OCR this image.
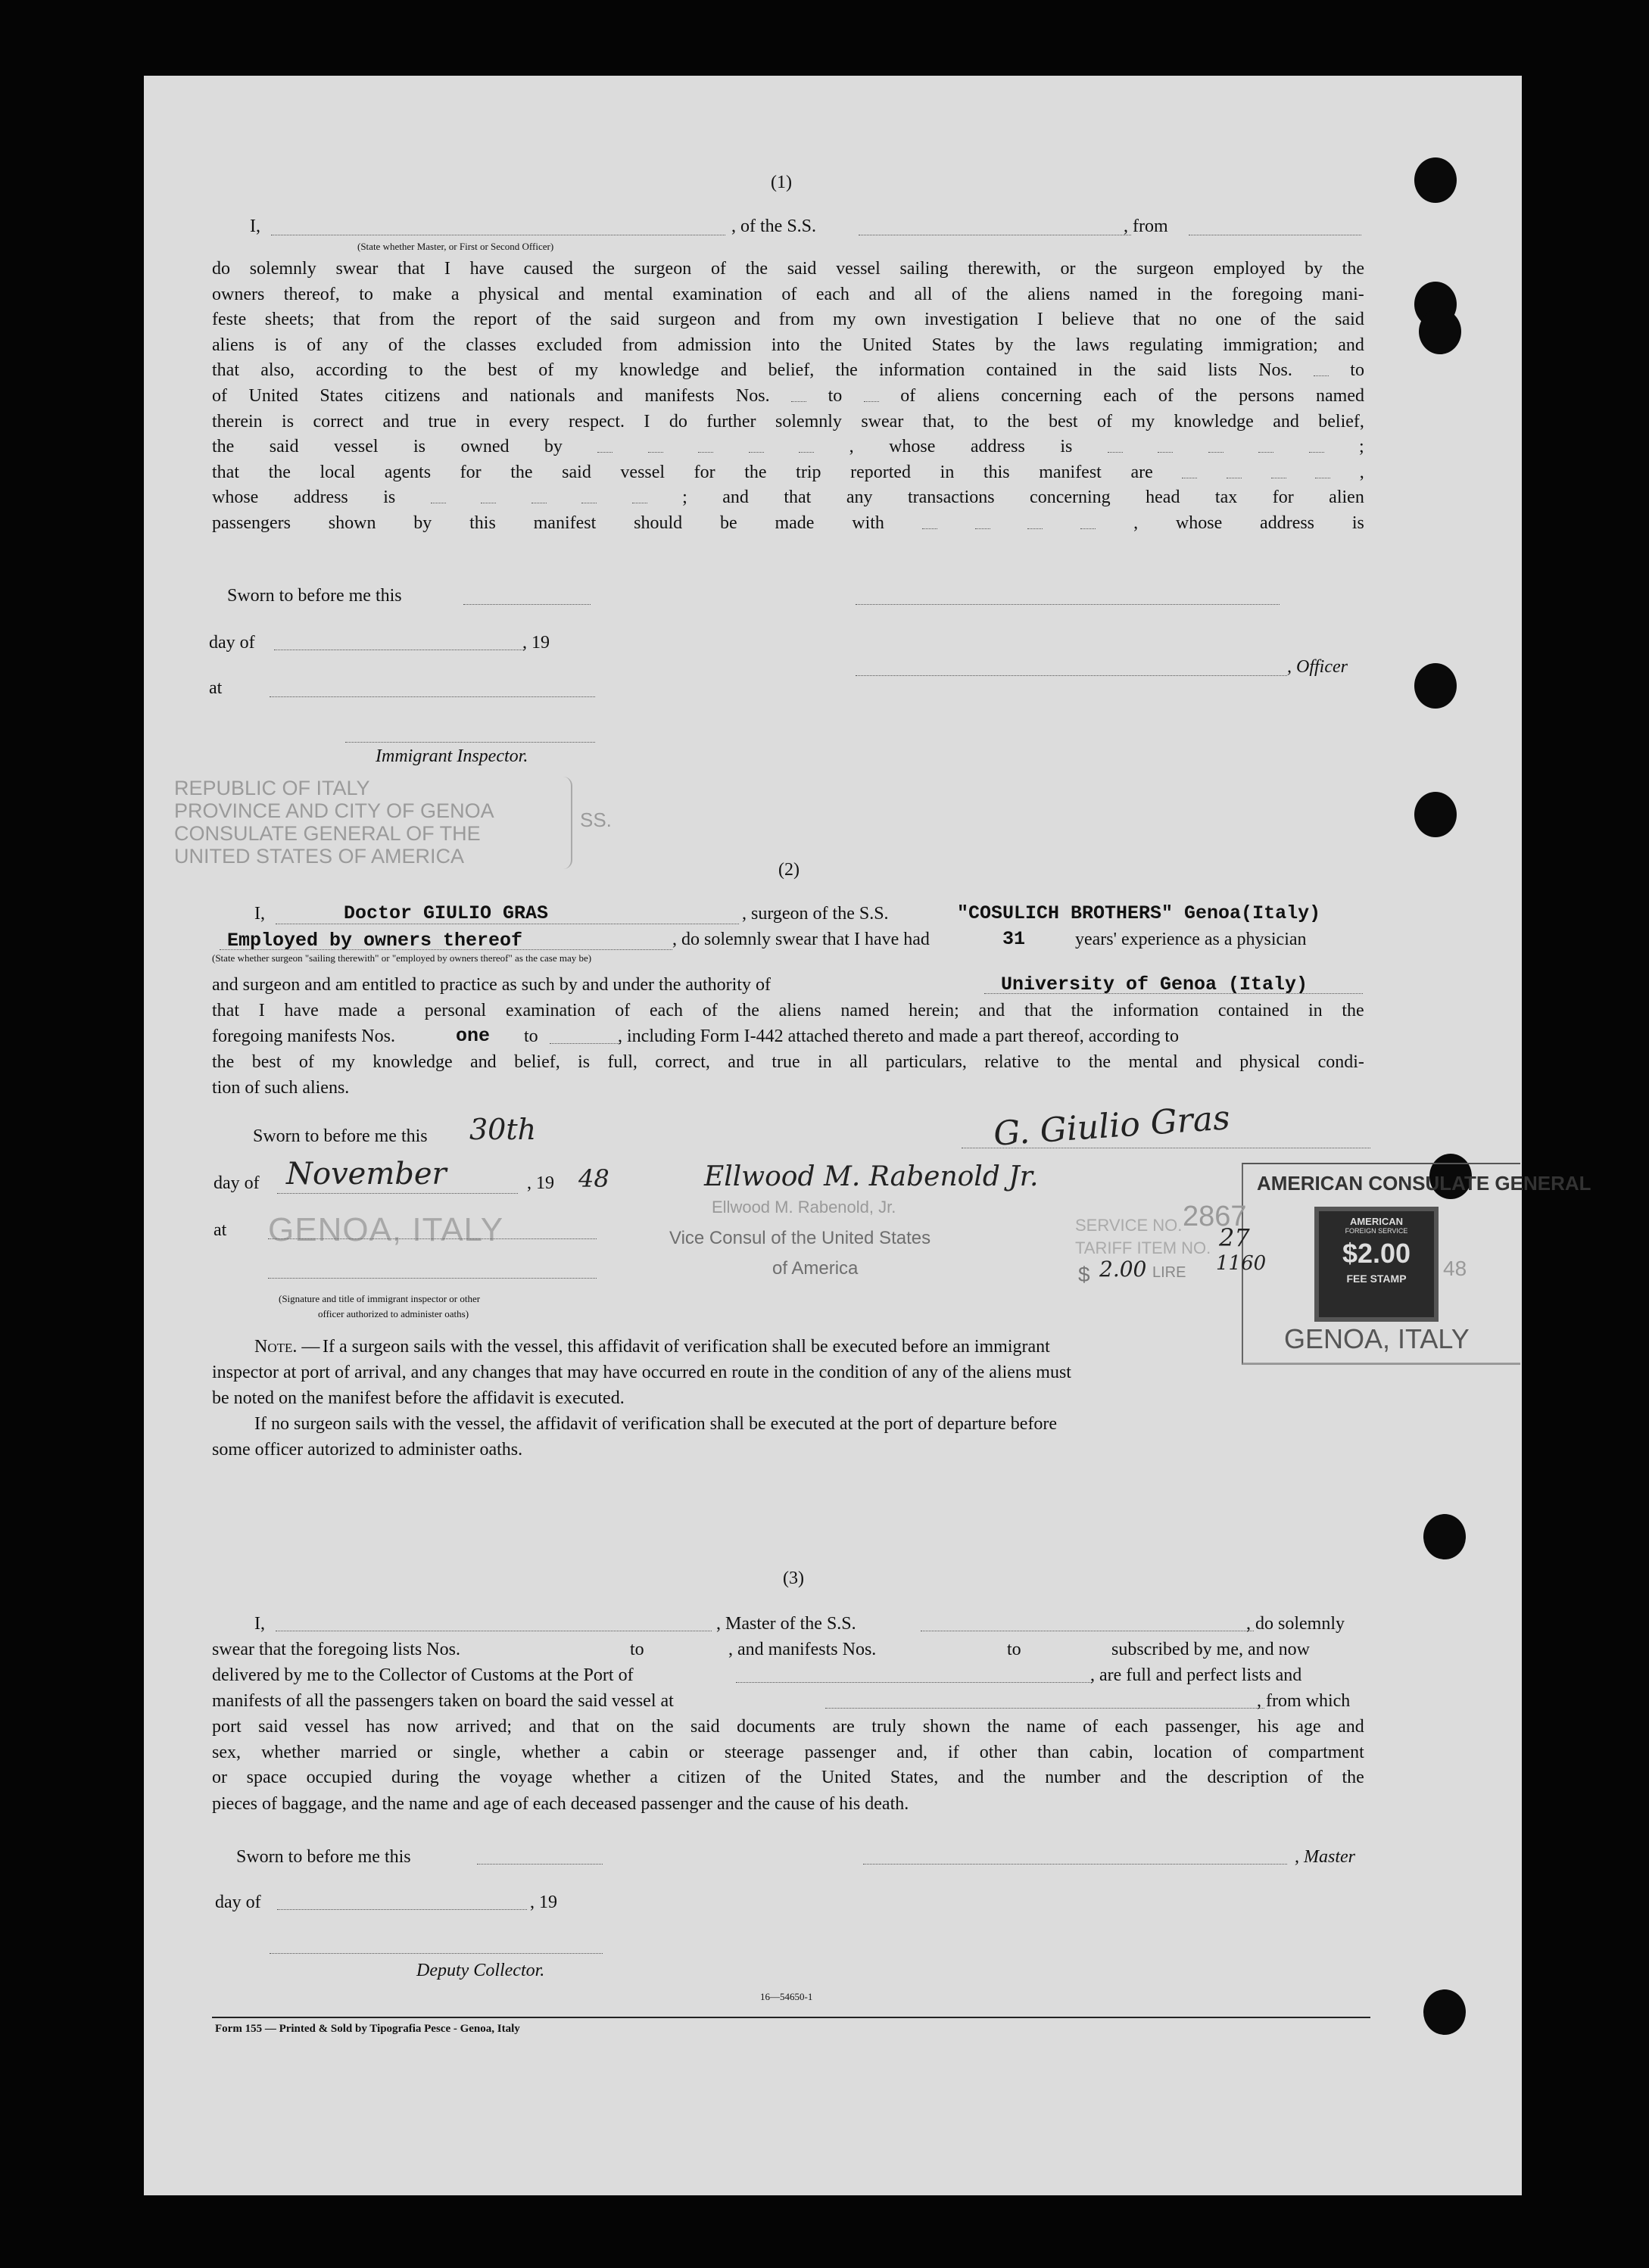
(1)
I,	, of the S.S.	, from
(State whether Master, or First or Second Officer)
do solemnly swear that I have caused the surgeon of the said vessel sailing therewith, or the surgeon employed by the
owners thereof, to make a physical and mental examination of each and all of the aliens named in the foregoing mani-
feste sheets; that from the report of the said surgeon and from my own investigation I believe that no one of the said
aliens is of any of the classes excluded from admission into the United States by the laws regulating immigration; and
that also, according to the best of my knowledge and belief, the information contained in the said lists Nos.	to
of United States citizens and nationals and manifests Nos.	to	of aliens concerning each of the persons named
therein is correct and true in every respect. I do further solemnly swear that, to the best of my knowledge and belief,
the said vessel is owned by	, whose address is	;
that the local agents for the said vessel for the trip reported in this manifest are	,
whose address is	; and that any transactions concerning head tax for alien
passengers shown by this manifest should be made with	, whose address is
Sworn to before me this
day of	, 19
, Officer
at
Immigrant Inspector.
REPUBLIC OF ITALY
PROVINCE AND CITY OF GENOA
CONSULATE GENERAL OF THE
UNITED STATES OF AMERICA
SS.
(2)
I,	Doctor GIULIO GRAS	, surgeon of the S.S.	"COSULICH BROTHERS" Genoa(Italy)
Employed by owners thereof	, do solemnly swear that I have had	31	years' experience as a physician
(State whether surgeon "sailing therewith" or "employed by owners thereof" as the case may be)
and surgeon and am entitled to practice as such by and under the authority of	University of Genoa (Italy)
that I have made a personal examination of each of the aliens named herein; and that the information contained in the
foregoing manifests Nos.	one to	, including Form I-442 attached thereto and made a part thereof, according to
the best of my knowledge and belief, is full, correct, and true in all particulars, relative to the mental and physical condi-
tion of such aliens.
Sworn to before me this 30th
day of November	, 19 48
at GENOA, ITALY
(Signature and title of immigrant inspector or other
officer authorized to administer oaths)
G. Giulio Gras
Ellwood M. Rabenold Jr.
Ellwood M. Rabenold, Jr.
Vice Consul of the United States
of America
AMERICAN CONSULATE GENERAL
SERVICE NO. 2867
TARIFF ITEM NO. 27
$ 2.00 LIRE 1160
AMERICAN
FOREIGN SERVICE
$2.00
FEE STAMP	48
GENOA, ITALY
Note. — If a surgeon sails with the vessel, this affidavit of verification shall be executed before an immigrant
inspector at port of arrival, and any changes that may have occurred en route in the condition of any of the aliens must
be noted on the manifest before the affidavit is executed.
If no surgeon sails with the vessel, the affidavit of verification shall be executed at the port of departure before
some officer autorized to administer oaths.
(3)
I,	, Master of the S.S.	, do solemnly
swear that the foregoing lists Nos.	to	, and manifests Nos.	to	subscribed by me, and now
delivered by me to the Collector of Customs at the Port of	, are full and perfect lists and
manifests of all the passengers taken on board the said vessel at	, from which
port said vessel has now arrived; and that on the said documents are truly shown the name of each passenger, his age and
sex, whether married or single, whether a cabin or steerage passenger and, if other than cabin, location of compartment
or space occupied during the voyage whether a citizen of the United States, and the number and the description of the
pieces of baggage, and the name and age of each deceased passenger and the cause of his death.
Sworn to before me this	, Master
day of	, 19
Deputy Collector.
16—54650-1
Form 155 — Printed & Sold by Tipografia Pesce - Genoa, Italy
